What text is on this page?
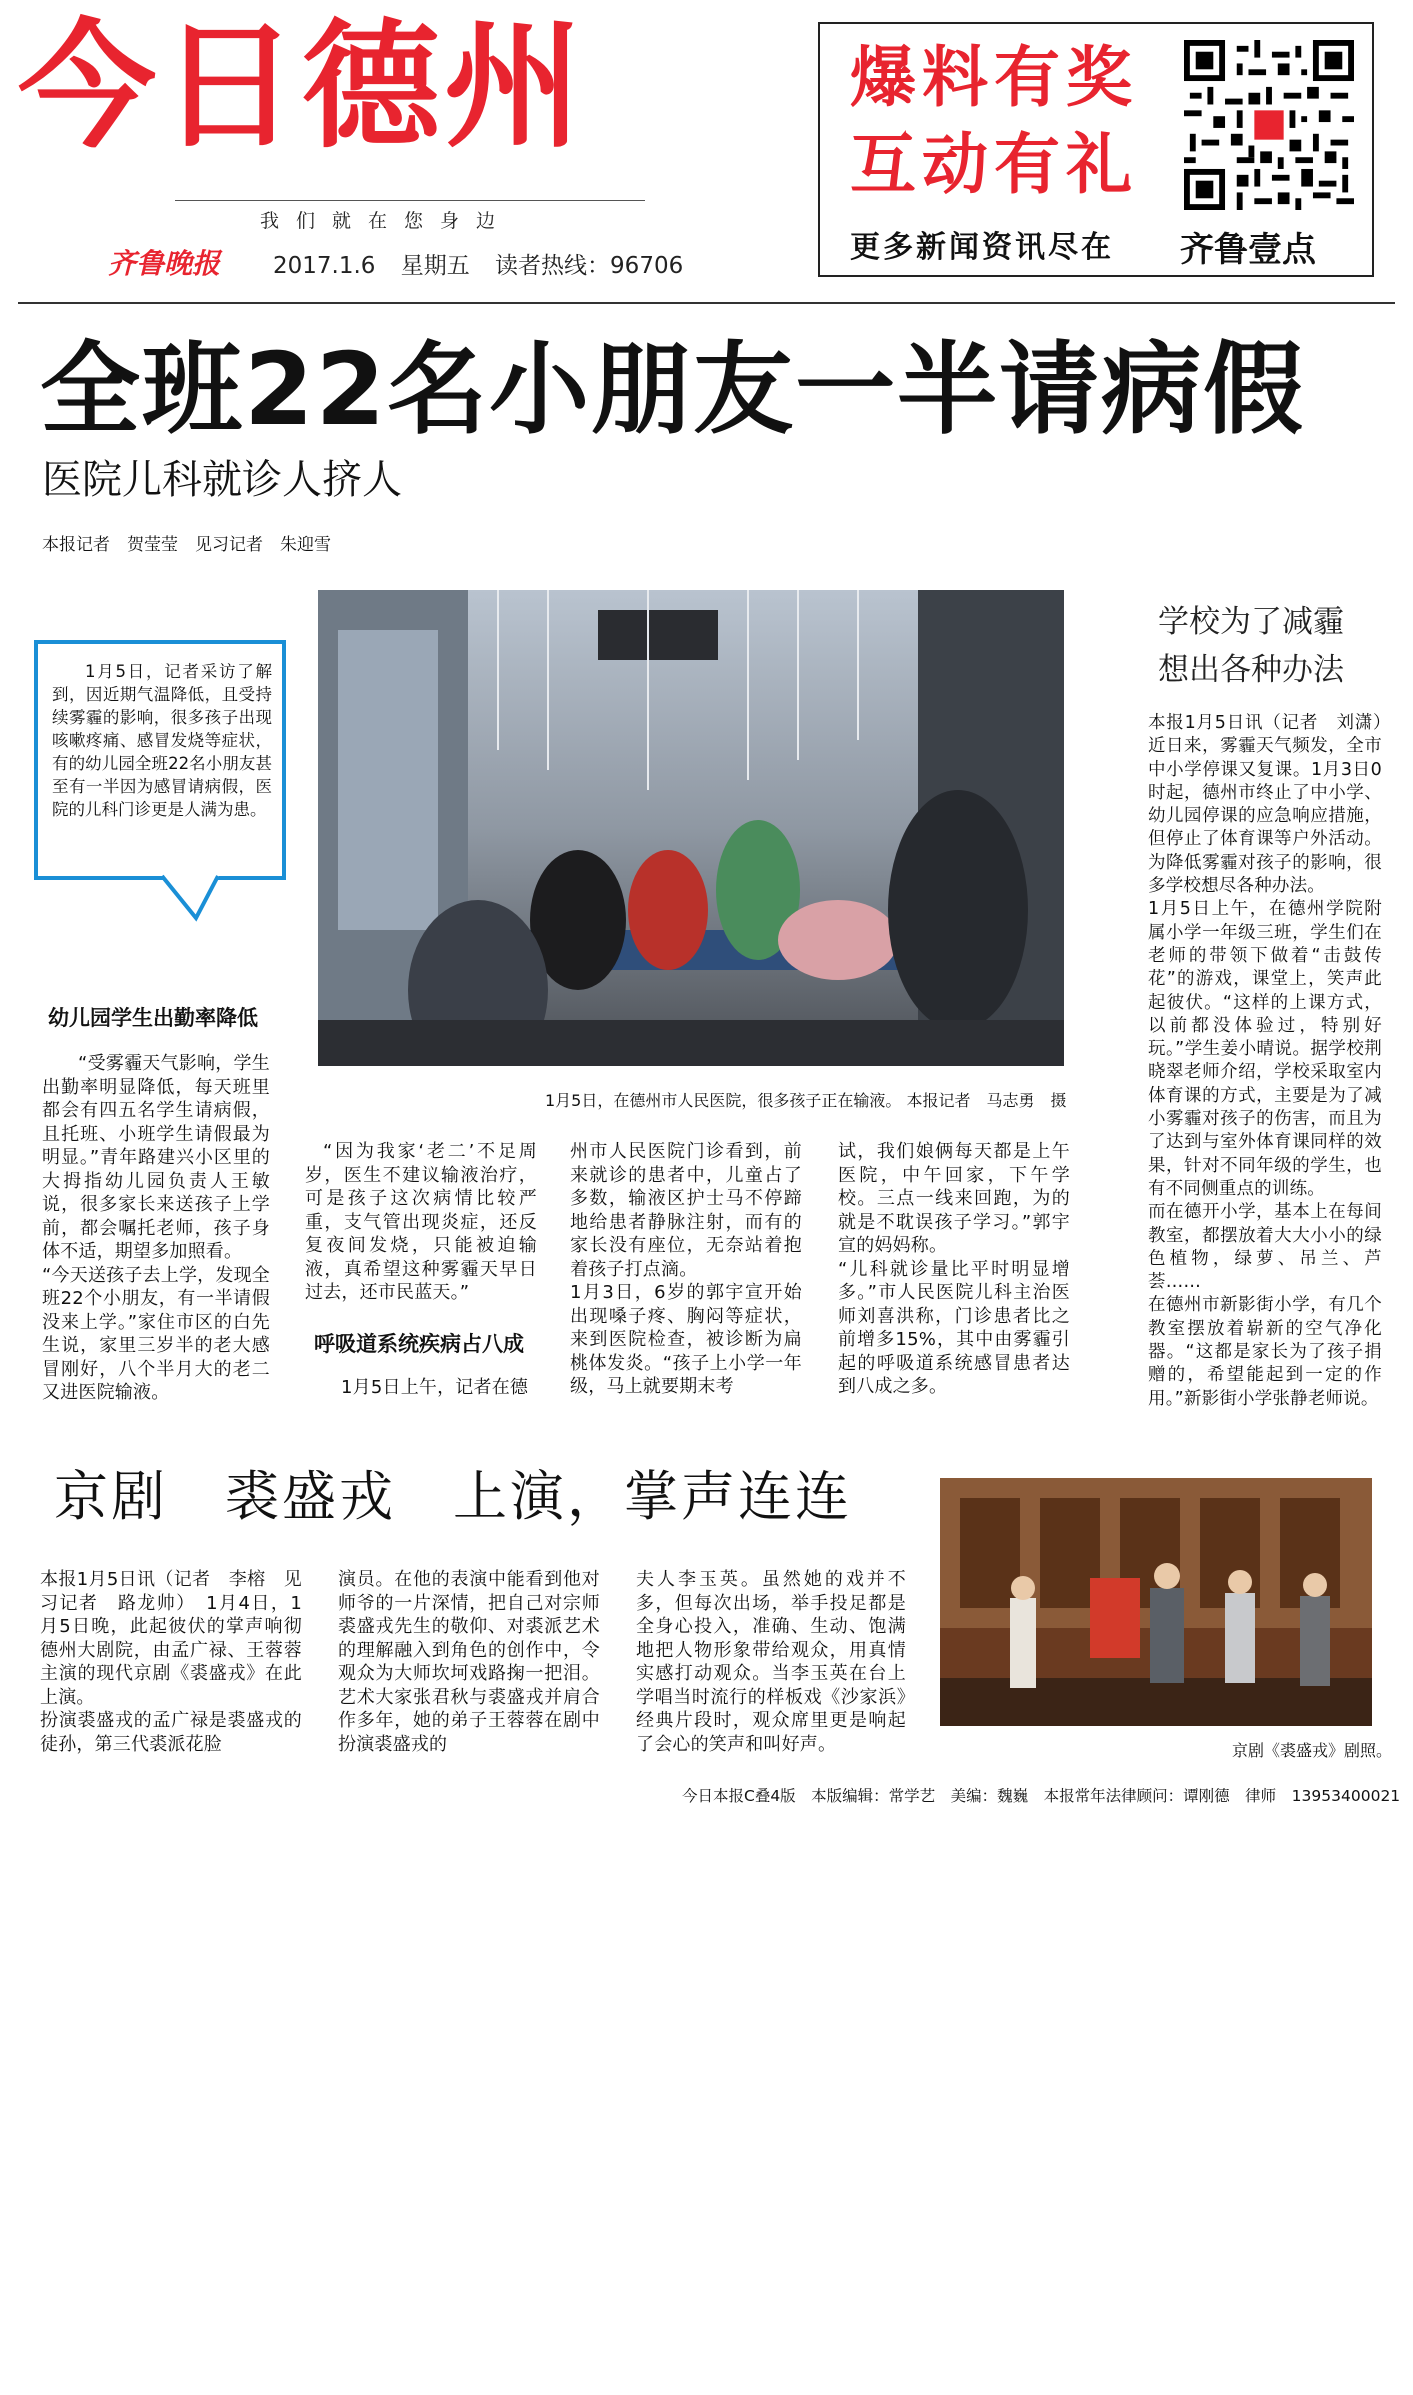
今日德州
我们就在您身边
齐鲁晚报 2017.1.6 星期五 读者热线：96706
爆料有奖
互动有礼
更多新闻资讯尽在 齐鲁壹点
全班22名小朋友一半请病假
医院儿科就诊人挤人
本报记者　贺莹莹　见习记者　朱迎雪
1月5日，记者采访了解到，因近期气温降低，且受持续雾霾的影响，很多孩子出现咳嗽疼痛、感冒发烧等症状，有的幼儿园全班22名小朋友甚至有一半因为感冒请病假，医院的儿科门诊更是人满为患。
1月5日，在德州市人民医院，很多孩子正在输液。 本报记者　马志勇　摄
幼儿园学生出勤率降低
“受雾霾天气影响，学生出勤率明显降低，每天班里都会有四五名学生请病假，且托班、小班学生请假最为明显。”青年路建兴小区里的大拇指幼儿园负责人王敏说，很多家长来送孩子上学前，都会嘱托老师，孩子身体不适，期望多加照看。
“今天送孩子去上学，发现全班22个小朋友，有一半请假没来上学。”家住市区的白先生说，家里三岁半的老大感冒刚好，八个半月大的老二又进医院输液。
“因为我家‘老二’不足周岁，医生不建议输液治疗，可是孩子这次病情比较严重，支气管出现炎症，还反复夜间发烧，只能被迫输液，真希望这种雾霾天早日过去，还市民蓝天。”
呼吸道系统疾病占八成
1月5日上午，记者在德
州市人民医院门诊看到，前来就诊的患者中，儿童占了多数，输液区护士马不停蹄地给患者静脉注射，而有的家长没有座位，无奈站着抱着孩子打点滴。
1月3日，6岁的郭宇宣开始出现嗓子疼、胸闷等症状，来到医院检查，被诊断为扁桃体发炎。“孩子上小学一年级，马上就要期末考
试，我们娘俩每天都是上午医院，中午回家，下午学校。三点一线来回跑，为的就是不耽误孩子学习。”郭宇宣的妈妈称。
“儿科就诊量比平时明显增多。”市人民医院儿科主治医师刘喜洪称，门诊患者比之前增多15%，其中由雾霾引起的呼吸道系统感冒患者达到八成之多。
学校为了减霾
想出各种办法
本报1月5日讯（记者　刘潇）　近日来，雾霾天气频发，全市中小学停课又复课。1月3日0时起，德州市终止了中小学、幼儿园停课的应急响应措施，但停止了体育课等户外活动。为降低雾霾对孩子的影响，很多学校想尽各种办法。
1月5日上午，在德州学院附属小学一年级三班，学生们在老师的带领下做着“击鼓传花”的游戏，课堂上，笑声此起彼伏。“这样的上课方式，以前都没体验过，特别好玩。”学生姜小晴说。据学校荆晓翠老师介绍，学校采取室内体育课的方式，主要是为了减小雾霾对孩子的伤害，而且为了达到与室外体育课同样的效果，针对不同年级的学生，也有不同侧重点的训练。
而在德开小学，基本上在每间教室，都摆放着大大小小的绿色植物，绿萝、吊兰、芦荟……
在德州市新影街小学，有几个教室摆放着崭新的空气净化器。“这都是家长为了孩子捐赠的，希望能起到一定的作用。”新影街小学张静老师说。
京剧　裘盛戎　上演，掌声连连
本报1月5日讯（记者　李榕　见习记者　路龙帅）　1月4日，1月5日晚，此起彼伏的掌声响彻德州大剧院，由孟广禄、王蓉蓉主演的现代京剧《裘盛戎》在此上演。
扮演裘盛戎的孟广禄是裘盛戎的徒孙，第三代裘派花脸
演员。在他的表演中能看到他对师爷的一片深情，把自己对宗师裘盛戎先生的敬仰、对裘派艺术的理解融入到角色的创作中，令观众为大师坎坷戏路掬一把泪。艺术大家张君秋与裘盛戎并肩合作多年，她的弟子王蓉蓉在剧中扮演裘盛戎的
夫人李玉英。虽然她的戏并不多，但每次出场，举手投足都是全身心投入，准确、生动、饱满地把人物形象带给观众，用真情实感打动观众。当李玉英在台上学唱当时流行的样板戏《沙家浜》经典片段时，观众席里更是响起了会心的笑声和叫好声。	京剧《裘盛戎》剧照。
今日本报C叠4版　本版编辑：常学艺　美编：魏巍　本报常年法律顾问：谭刚德　律师　13953400021
